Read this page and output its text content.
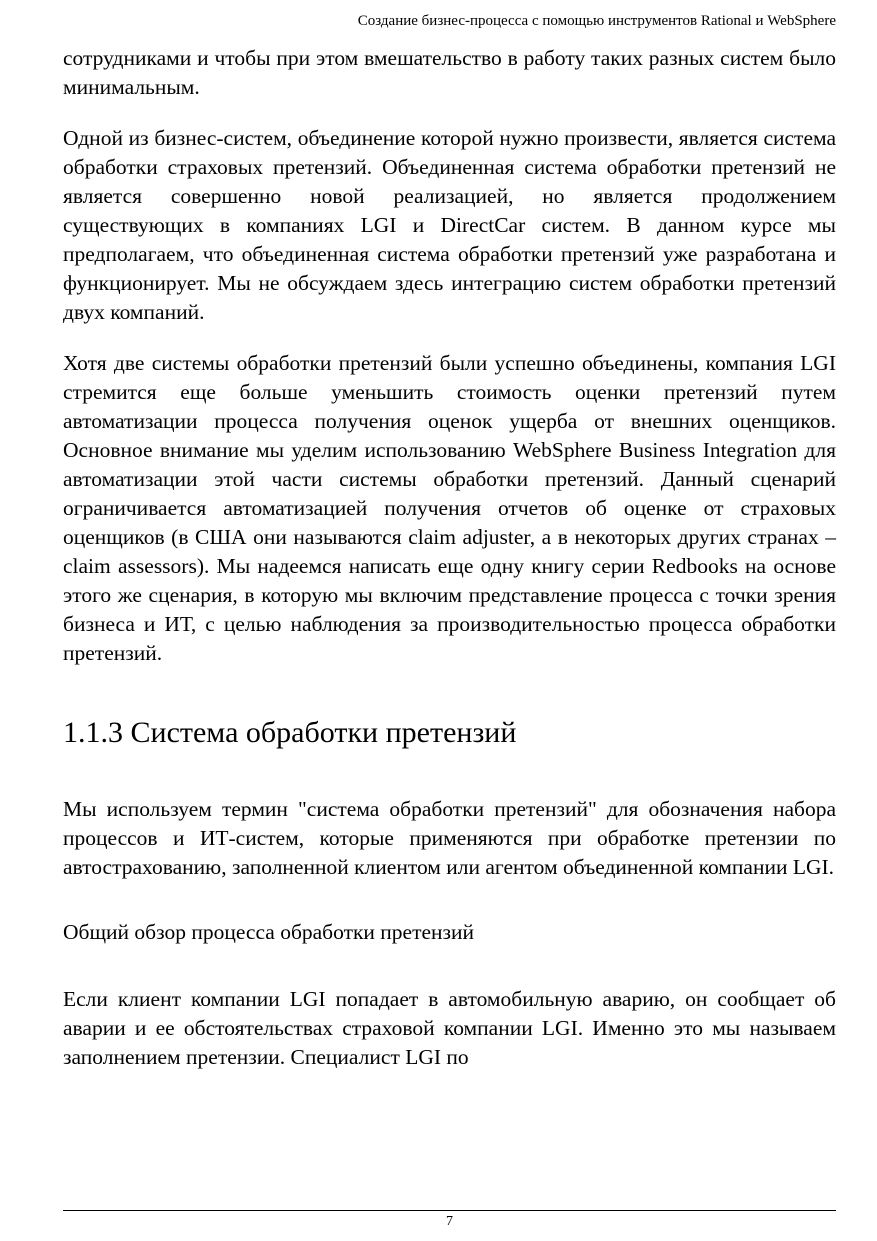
Создание бизнес-процесса с помощью инструментов Rational и WebSphere

сотрудниками и чтобы при этом вмешательство в работу таких разных систем было минимальным.

Одной из бизнес-систем, объединение которой нужно произвести, является система обработки страховых претензий. Объединенная система обработки претензий не является совершенно новой реализацией, но является продолжением существующих в компаниях LGI и DirectCar систем. В данном курсе мы предполагаем, что объединенная система обработки претензий уже разработана и функционирует. Мы не обсуждаем здесь интеграцию систем обработки претензий двух компаний.

Хотя две системы обработки претензий были успешно объединены, компания LGI стремится еще больше уменьшить стоимость оценки претензий путем автоматизации процесса получения оценок ущерба от внешних оценщиков. Основное внимание мы уделим использованию WebSphere Business Integration для автоматизации этой части системы обработки претензий. Данный сценарий ограничивается автоматизацией получения отчетов об оценке от страховых оценщиков (в США они называются claim adjuster, а в некоторых других странах – claim assessors). Мы надеемся написать еще одну книгу серии Redbooks на основе этого же сценария, в которую мы включим представление процесса с точки зрения бизнеса и ИТ, с целью наблюдения за производительностью процесса обработки претензий.

1.1.3 Система обработки претензий

Мы используем термин "система обработки претензий" для обозначения набора процессов и ИТ-систем, которые применяются при обработке претензии по автострахованию, заполненной клиентом или агентом объединенной компании LGI.

Общий обзор процесса обработки претензий

Если клиент компании LGI попадает в автомобильную аварию, он сообщает об аварии и ее обстоятельствах страховой компании LGI. Именно это мы называем заполнением претензии. Специалист LGI по

7
